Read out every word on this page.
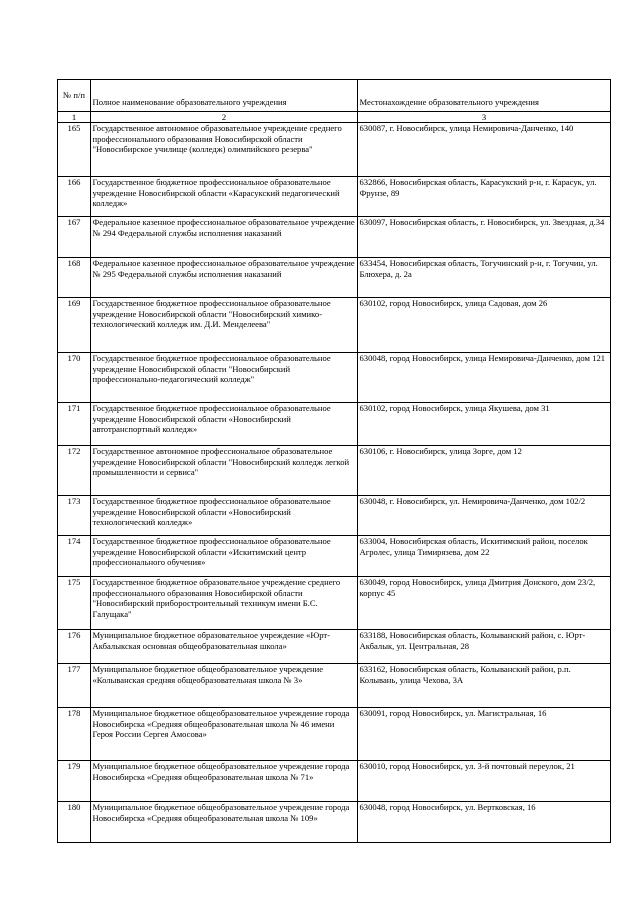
№ п/п	Полное наименование образовательного учреждения	Местонахождение образовательного учреждения
1	2	3
165	Государственное автономное образовательное учреждение среднего профессионального образования Новосибирской области "Новосибирское училище (колледж) олимпийского резерва"	630087, г. Новосибирск, улица Немировича-Данченко, 140
166	Государственное бюджетное профессиональное образовательное учреждение Новосибирской области «Карасукский педагогический колледж»	632866, Новосибирская область, Карасукский р-н, г. Карасук, ул. Фрунзе, 89
167	Федеральное казенное профессиональное образовательное учреждение № 294 Федеральной службы исполнения наказаний	630097, Новосибирская область, г. Новосибирск, ул. Звездная, д.34
168	Федеральное казенное профессиональное образовательное учреждение № 295 Федеральной службы исполнения наказаний	633454, Новосибирская область, Тогучинский р-н, г. Тогучин, ул. Блюхера, д. 2а
169	Государственное бюджетное профессиональное образовательное учреждение Новосибирской области "Новосибирский химико-технологический колледж им. Д.И. Менделеева"	630102, город Новосибирск, улица Садовая, дом 26
170	Государственное бюджетное профессиональное образовательное учреждение Новосибирской области "Новосибирский профессионально-педагогический колледж"	630048, город Новосибирск, улица Немировича-Данченко, дом 121
171	Государственное бюджетное профессиональное образовательное учреждение Новосибирской области «Новосибирский автотранспортный колледж»	630102, город Новосибирск, улица Якушева, дом 31
172	Государственное автономное профессиональное образовательное учреждение Новосибирской области "Новосибирский колледж легкой промышленности и сервиса"	630106, г. Новосибирск, улица Зорге, дом 12
173	Государственное бюджетное профессиональное образовательное учреждение Новосибирской области «Новосибирский технологический колледж»	630048, г. Новосибирск, ул. Немировича-Данченко, дом 102/2
174	Государственное бюджетное профессиональное образовательное учреждение Новосибирской области «Искитимский центр профессионального обучения»	633004, Новосибирская область, Искитимский район, поселок Агролес, улица Тимирязева, дом 22
175	Государственное бюджетное образовательное учреждение среднего профессионального образования Новосибирской области "Новосибирский приборостроительный техникум имени Б.С. Галущака"	630049, город Новосибирск, улица Дмитрия Донского, дом 23/2, корпус 45
176	Муниципальное бюджетное образовательное учреждение «Юрт-Акбалыкская основная общеобразовательная школа»	633188, Новосибирская область, Колыванский район, с. Юрт-Акбалык, ул. Центральная, 28
177	Муниципальное бюджетное общеобразовательное учреждение «Колыванская средняя общеобразовательная школа № 3»	633162, Новосибирская область, Колыванский район, р.п. Колывань, улица Чехова, 3А
178	Муниципальное бюджетное общеобразовательное учреждение города Новосибирска «Средняя общеобразовательная школа № 46 имени Героя России Сергея Амосова»	630091, город Новосибирск, ул. Магистральная, 16
179	Муниципальное бюджетное общеобразовательное учреждение города Новосибирска «Средняя общеобразовательная школа № 71»	630010, город Новосибирск, ул. 3-й почтовый переулок, 21
180	Муниципальное бюджетное общеобразовательное учреждение города Новосибирска «Средняя общеобразовательная школа № 109»	630048, город Новосибирск, ул. Вертковская, 16
